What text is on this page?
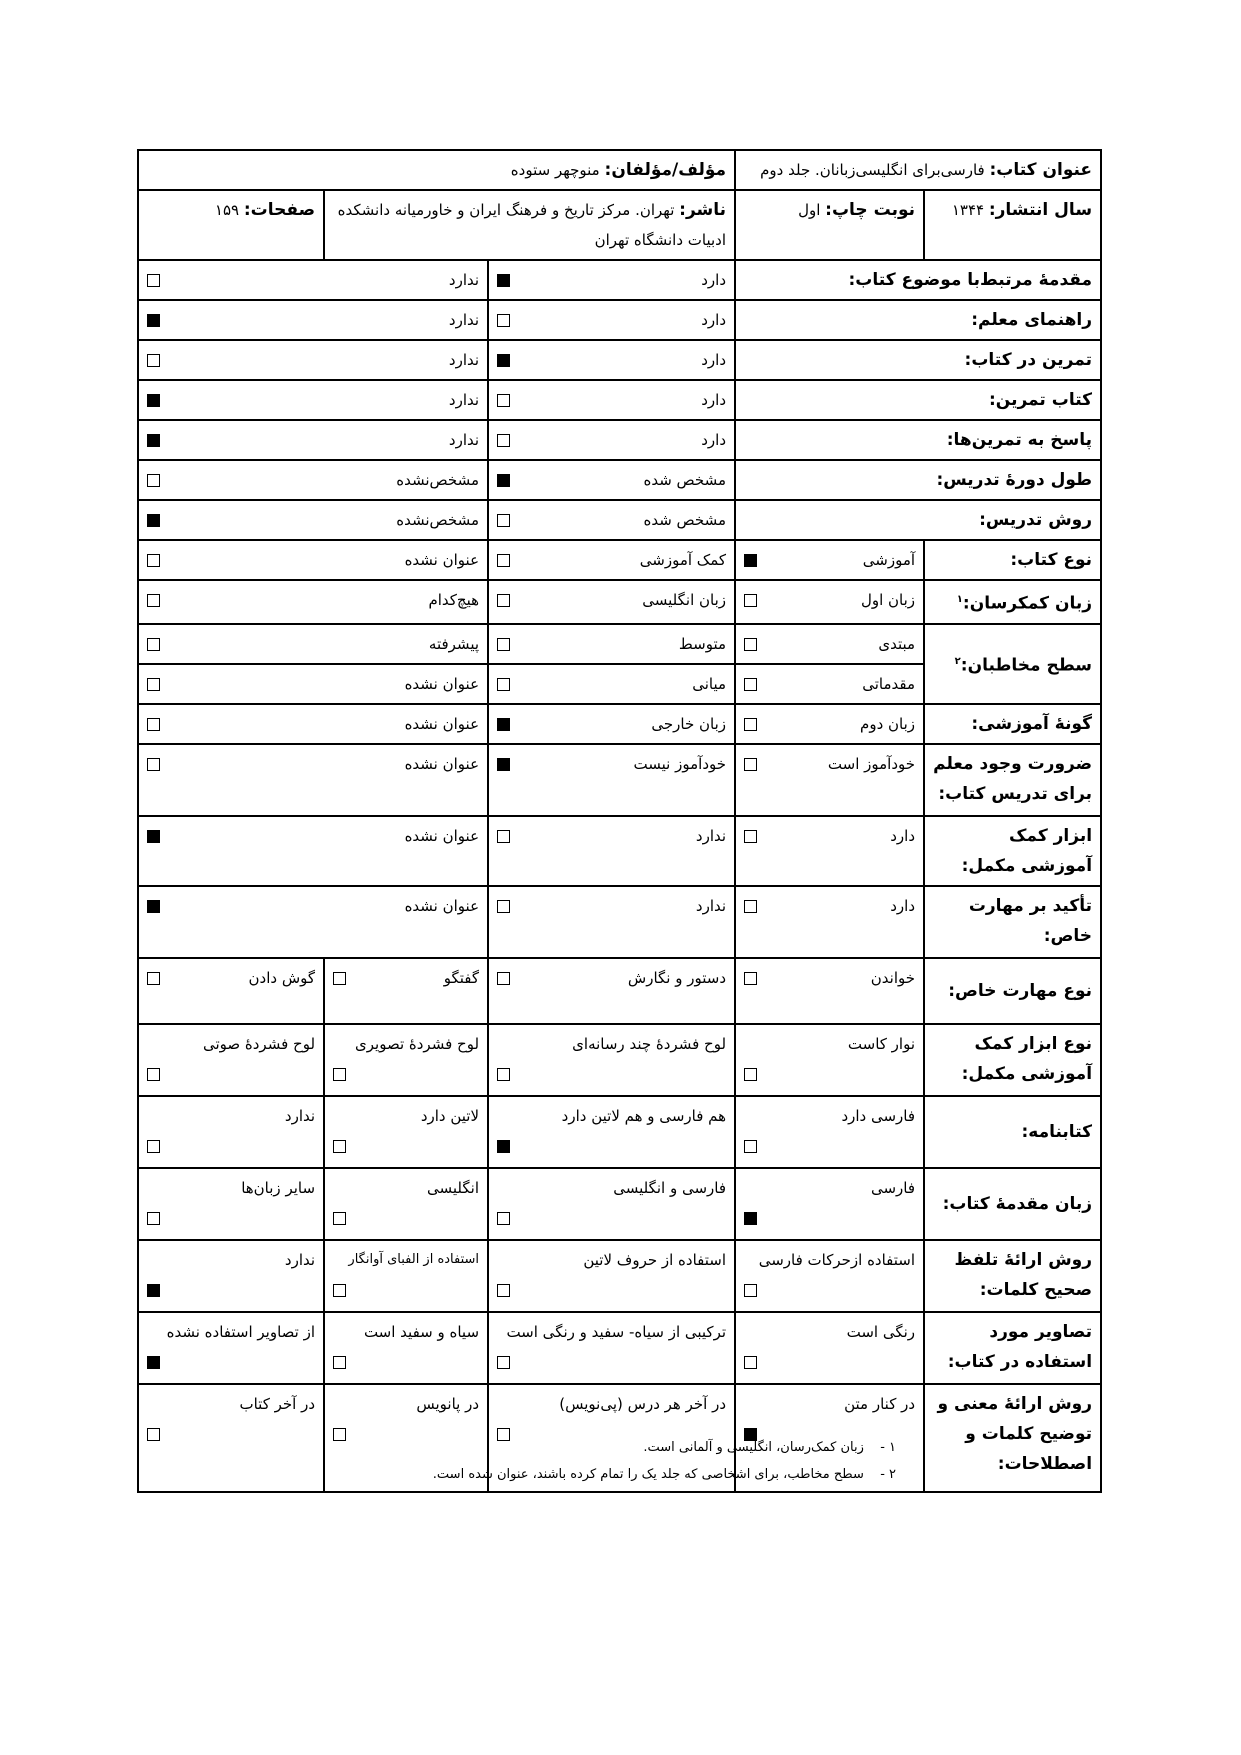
عنوان کتاب: فارسی‌برای انگلیسی‌زبانان. جلد دوم		مؤلف/مؤلفان: منوچهر ستوده		
سال انتشار: ۱۳۴۴	نوبت چاپ: اول	ناشر: تهران. مرکز تاریخ و فرهنگ ایران و خاورمیانه دانشکده ادبیات دانشگاه تهران		صفحات: ۱۵۹
مقدمۀ مرتبط‌با موضوع کتاب:		دارد	ندارد	

راهنمای معلم:		دارد	ندارد	

تمرین در کتاب:		دارد	ندارد	

کتاب تمرین:		دارد	ندارد	

پاسخ به تمرین‌ها:		دارد	ندارد	

طول دورۀ تدریس:		مشخص شده	مشخص‌نشده	

روش تدریس:		مشخص شده	مشخص‌نشده	

نوع کتاب:	آموزشی	کمک آموزشی	عنوان نشده	

زبان کمکرسان:$^۱$	زبان اول	زبان انگلیسی	هیچ‌کدام	

سطح مخاطبان:$^۲$	مبتدی	متوسط	پیشرفته	

	مقدماتی	میانی	عنوان نشده	

گونۀ آموزشی:	زبان دوم	زبان خارجی	عنوان نشده	

ضرورت وجود معلم برای تدریس کتاب:	خودآموز است	خودآموز نیست	عنوان نشده	

ابزار کمک آموزشی مکمل:	دارد	ندارد	عنوان نشده	

تأکید بر مهارت خاص:	دارد	ندارد	عنوان نشده	

نوع مهارت خاص:	خواندن	دستور و نگارش	گفتگو	گوش دادن

نوع ابزار کمک آموزشی مکمل:	نوار کاست	لوح فشردۀ چند رسانه‌ای	لوح فشردۀ تصویری	لوح فشردۀ صوتی

کتابنامه:	فارسی دارد	هم فارسی و هم لاتین دارد	لاتین دارد	ندارد

زبان مقدمۀ کتاب:	فارسی	فارسی و انگلیسی	انگلیسی	سایر زبان‌ها

روش ارائۀ تلفظ صحیح کلمات:	استفاده ازحرکات فارسی	استفاده از حروف لاتین	استفاده از الفبای آوانگار	ندارد

تصاویر مورد استفاده در کتاب:	رنگی است	ترکیبی از سیاه- سفید و رنگی است	سیاه و سفید است	از تصاویر استفاده نشده

روش ارائۀ معنی و توضیح کلمات و اصطلاحات:	در کنار متن	در آخر هر درس (پی‌نویس)	در پانویس	در آخر کتاب
۱ - زبان کمک‌رسان، انگلیسی و آلمانی است.
۲ - سطح مخاطب، برای اشخاصی که جلد یک را تمام کرده باشند، عنوان شده است.
